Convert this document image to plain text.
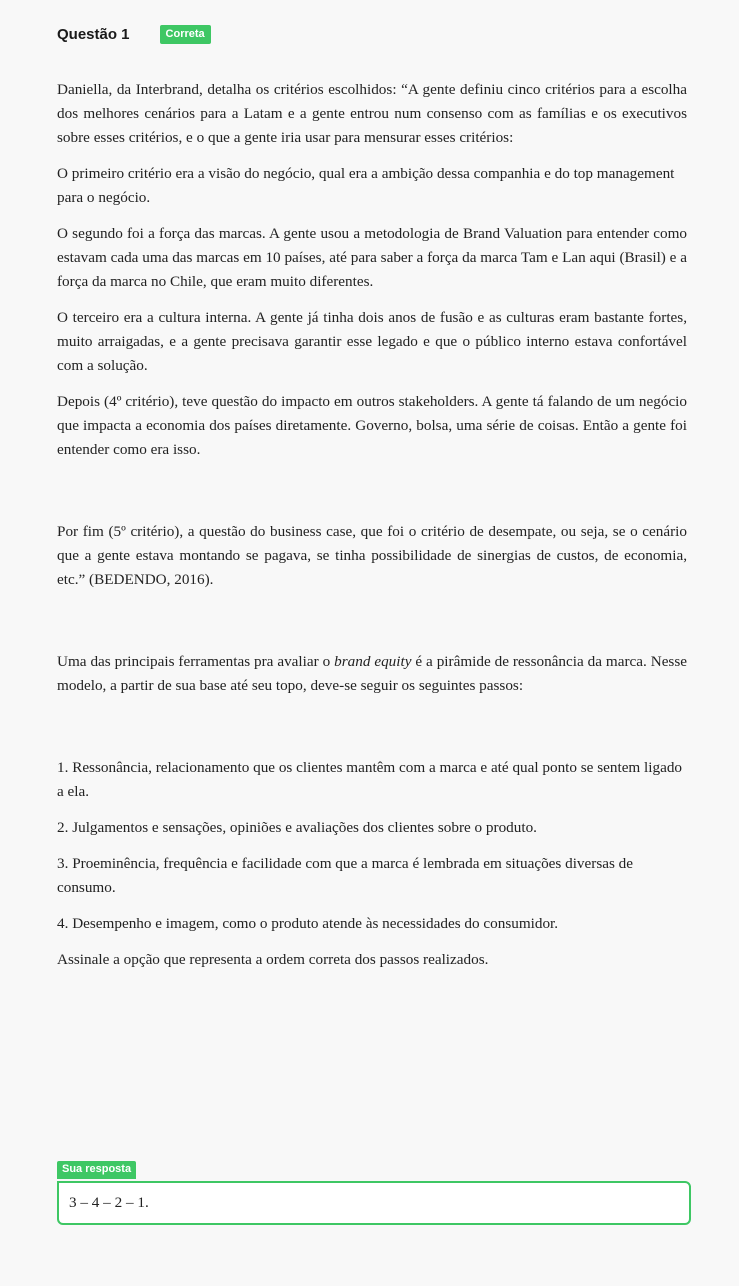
Questão 1	Correta

Daniella, da Interbrand, detalha os critérios escolhidos: “A gente definiu cinco critérios para a escolha dos melhores cenários para a Latam e a gente entrou num consenso com as famílias e os executivos sobre esses critérios, e o que a gente iria usar para mensurar esses critérios:

O primeiro critério era a visão do negócio, qual era a ambição dessa companhia e do top management para o negócio.

O segundo foi a força das marcas. A gente usou a metodologia de Brand Valuation para entender como estavam cada uma das marcas em 10 países, até para saber a força da marca Tam e Lan aqui (Brasil) e a força da marca no Chile, que eram muito diferentes.

O terceiro era a cultura interna. A gente já tinha dois anos de fusão e as culturas eram bastante fortes, muito arraigadas, e a gente precisava garantir esse legado e que o público interno estava confortável com a solução.

Depois (4º critério), teve questão do impacto em outros stakeholders. A gente tá falando de um negócio que impacta a economia dos países diretamente. Governo, bolsa, uma série de coisas. Então a gente foi entender como era isso.

Por fim (5º critério), a questão do business case, que foi o critério de desempate, ou seja, se o cenário que a gente estava montando se pagava, se tinha possibilidade de sinergias de custos, de economia, etc.” (BEDENDO, 2016).

Uma das principais ferramentas pra avaliar o brand equity é a pirâmide de ressonância da marca. Nesse modelo, a partir de sua base até seu topo, deve-se seguir os seguintes passos:

1. Ressonância, relacionamento que os clientes mantêm com a marca e até qual ponto se sentem ligado a ela.

2. Julgamentos e sensações, opiniões e avaliações dos clientes sobre o produto.

3. Proeminência, frequência e facilidade com que a marca é lembrada em situações diversas de consumo.

4. Desempenho e imagem, como o produto atende às necessidades do consumidor.

Assinale a opção que representa a ordem correta dos passos realizados.

Sua resposta
3 – 4 – 2 – 1.
